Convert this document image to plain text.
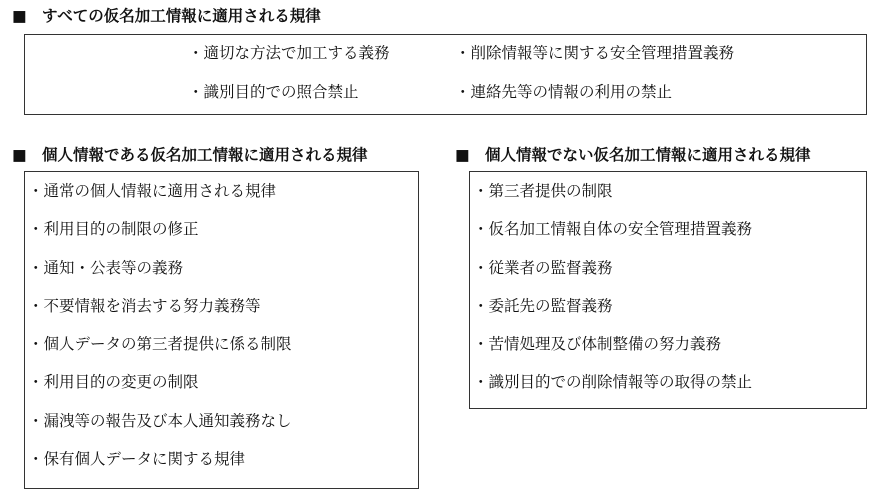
■ すべての仮名加工情報に適用される規律
・適切な方法で加工する義務	・削除情報等に関する安全管理措置義務
・識別目的での照合禁止	・連絡先等の情報の利用の禁止
■ 個人情報である仮名加工情報に適用される規律
・通常の個人情報に適用される規律
・利用目的の制限の修正
・通知・公表等の義務
・不要情報を消去する努力義務等
・個人データの第三者提供に係る制限
・利用目的の変更の制限
・漏洩等の報告及び本人通知義務なし
・保有個人データに関する規律
■ 個人情報でない仮名加工情報に適用される規律
・第三者提供の制限
・仮名加工情報自体の安全管理措置義務
・従業者の監督義務
・委託先の監督義務
・苦情処理及び体制整備の努力義務
・識別目的での削除情報等の取得の禁止
